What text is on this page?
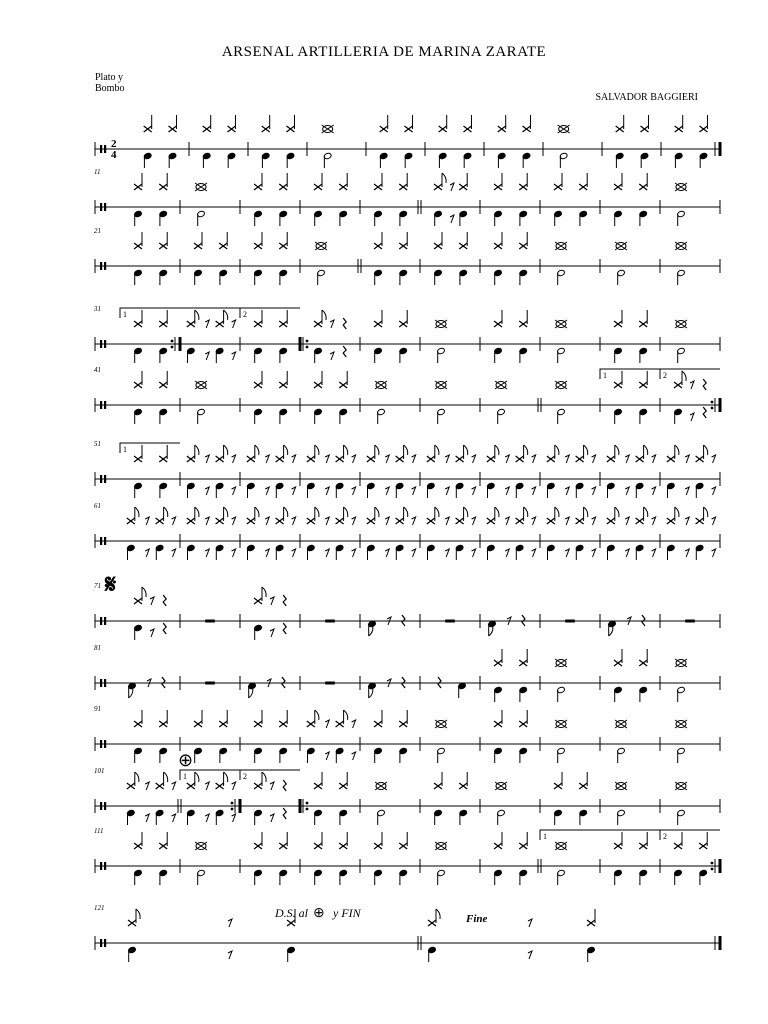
ARSENAL ARTILLERIA DE MARINA ZARATE
Plato y
Bombo
SALVADOR BAGGIERI
2
4
11
21
31
41
51
61
71
81
91
101
111
121
1	2
1	2
1
1	2
1	2
𝄋
⊕
D.S. al ⊕ y FIN	Fine
